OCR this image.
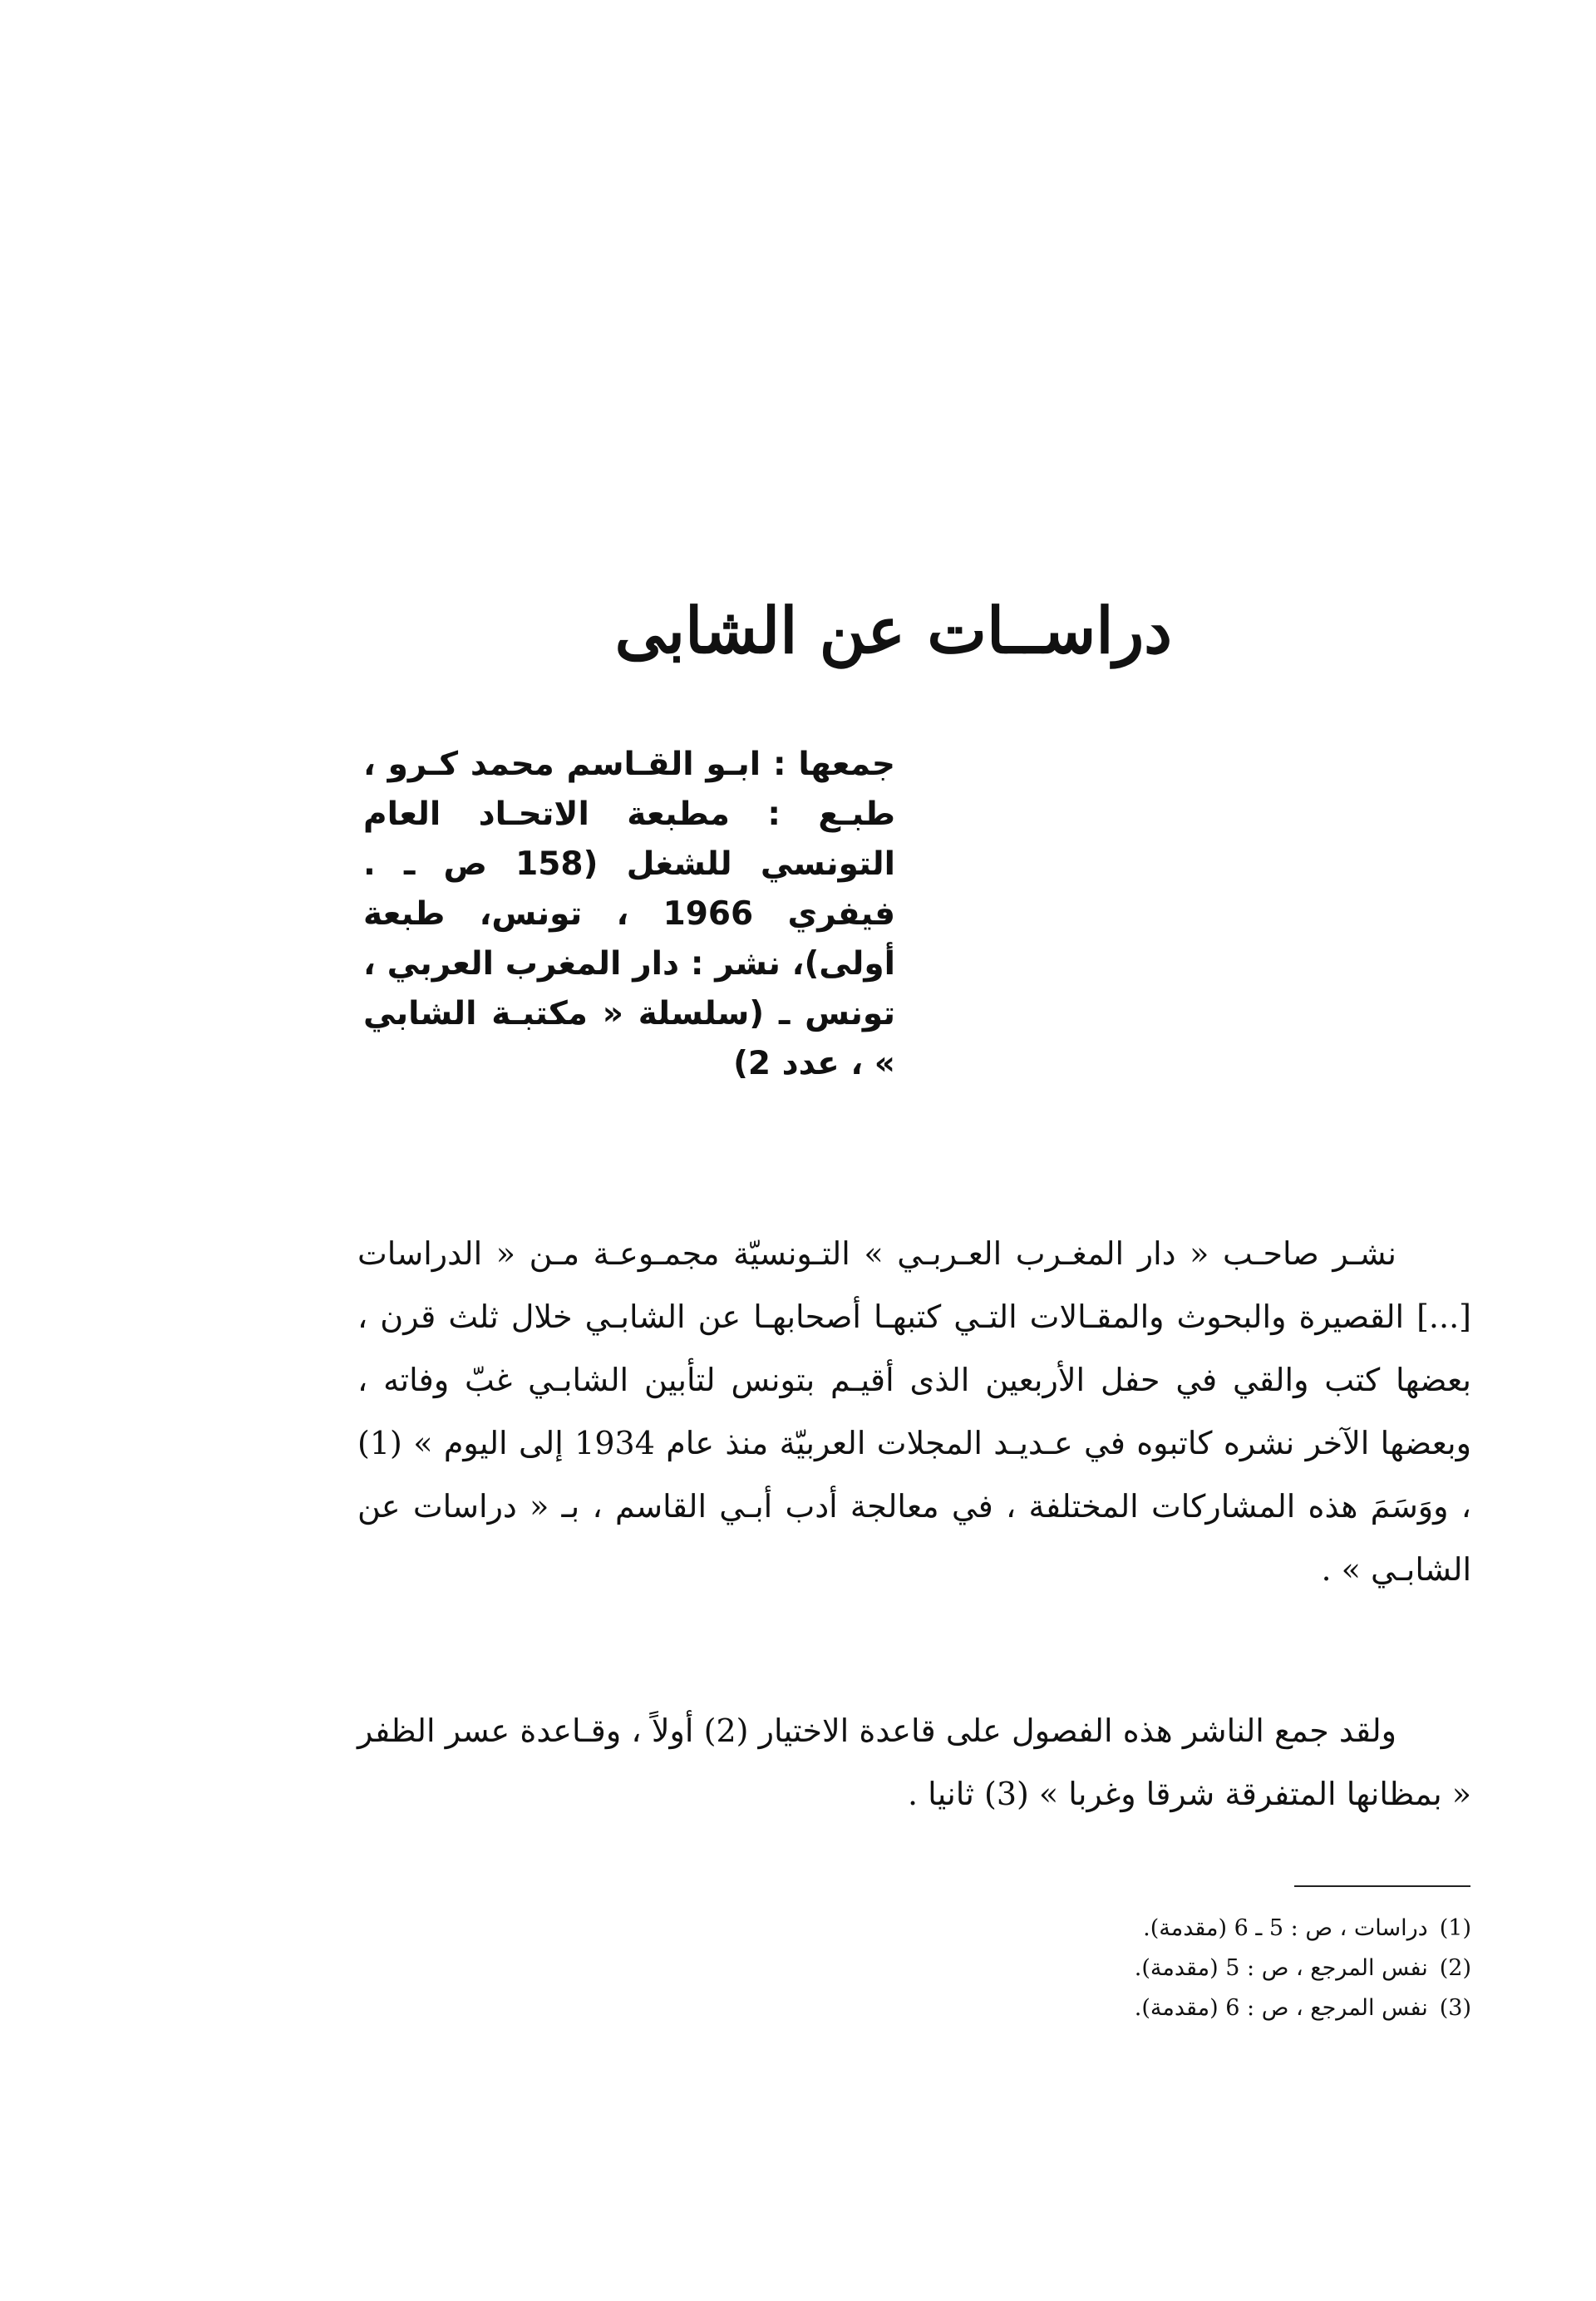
دراســات عن الشابى
جمعها : ابـو القـاسم محمد كـرو ، طبـع : مطبعة الاتحـاد العام التونسي للشغل (158 ص ـ . فيفري 1966 ، تونس، طبعة أولى)، نشر : دار المغرب العربي ، تونس ـ (سلسلة « مكتبـة الشابي » ، عدد 2)

نشـر صاحـب « دار المغـرب العـربـي » التـونسيّة مجمـوعـة مـن « الدراسات [...] القصيرة والبحوث والمقـالات التـي كتبهـا أصحابهـا عن الشابـي خلال ثلث قرن ، بعضها كتب والقي في حفل الأربعين الذى أقيـم بتونس لتأبين الشابـي غبّ وفاته ، وبعضها الآخر نشره كاتبوه في عـديـد المجلات العربيّة منذ عام 1934 إلى اليوم » (1) ، ووَسَمَ هذه المشاركات المختلفة ، في معالجة أدب أبـي القاسم ، بـ « دراسات عن الشابـي » .

ولقد جمع الناشر هذه الفصول على قاعدة الاختيار (2) أولاً ، وقـاعدة عسر الظفر « بمظانها المتفرقة شرقا وغربا » (3) ثانيا .

(1)دراسات ، ص : 5 ـ 6 (مقدمة).
(2)نفس المرجع ، ص : 5 (مقدمة).
(3)نفس المرجع ، ص : 6 (مقدمة).
